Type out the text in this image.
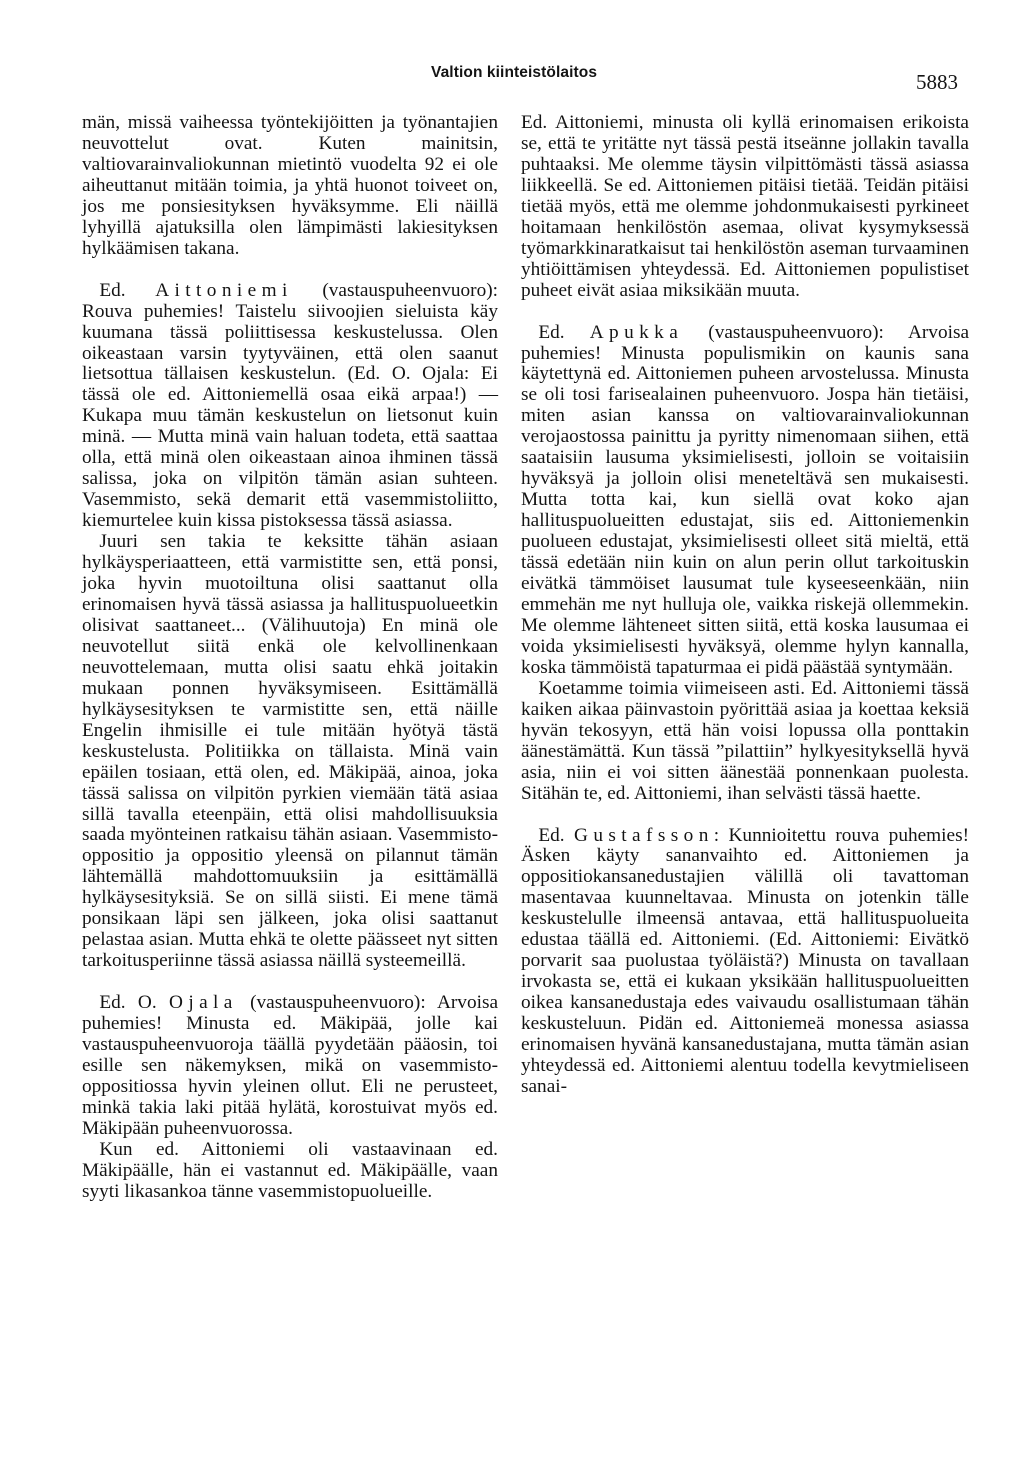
Valtion kiinteistölaitos	5883

män, missä vaiheessa työntekijöitten ja työnantajien neuvottelut ovat. Kuten mainitsin, valtiovarainvaliokunnan mietintö vuodelta 92 ei ole aiheuttanut mitään toimia, ja yhtä huonot toiveet on, jos me ponsiesityksen hyväksymme. Eli näillä lyhyillä ajatuksilla olen lämpimästi lakiesityksen hylkäämisen takana.

Ed. Aittoniemi (vastauspuheenvuoro): Rouva puhemies! Taistelu siivoojien sieluista käy kuumana tässä poliittisessa keskustelussa. Olen oikeastaan varsin tyytyväinen, että olen saanut lietsottua tällaisen keskustelun. (Ed. O. Ojala: Ei tässä ole ed. Aittoniemellä osaa eikä arpaa!) — Kukapa muu tämän keskustelun on lietsonut kuin minä. — Mutta minä vain haluan todeta, että saattaa olla, että minä olen oikeastaan ainoa ihminen tässä salissa, joka on vilpitön tämän asian suhteen. Vasemmisto, sekä demarit että vasemmistoliitto, kiemurtelee kuin kissa pistoksessa tässä asiassa.

Juuri sen takia te keksitte tähän asiaan hylkäysperiaatteen, että varmistitte sen, että ponsi, joka hyvin muotoiltuna olisi saattanut olla erinomaisen hyvä tässä asiassa ja hallituspuolueetkin olisivat saattaneet... (Välihuutoja) En minä ole neuvotellut siitä enkä ole kelvollinenkaan neuvottelemaan, mutta olisi saatu ehkä joitakin mukaan ponnen hyväksymiseen. Esittämällä hylkäysesityksen te varmistitte sen, että näille Engelin ihmisille ei tule mitään hyötyä tästä keskustelusta. Politiikka on tällaista. Minä vain epäilen tosiaan, että olen, ed. Mäkipää, ainoa, joka tässä salissa on vilpitön pyrkien viemään tätä asiaa sillä tavalla eteenpäin, että olisi mahdollisuuksia saada myönteinen ratkaisu tähän asiaan. Vasemmisto-oppositio ja oppositio yleensä on pilannut tämän lähtemällä mahdottomuuksiin ja esittämällä hylkäysesityksiä. Se on sillä siisti. Ei mene tämä ponsikaan läpi sen jälkeen, joka olisi saattanut pelastaa asian. Mutta ehkä te olette päässeet nyt sitten tarkoitusperiinne tässä asiassa näillä systeemeillä.

Ed. O. Ojala (vastauspuheenvuoro): Arvoisa puhemies! Minusta ed. Mäkipää, jolle kai vastauspuheenvuoroja täällä pyydetään pääosin, toi esille sen näkemyksen, mikä on vasemmisto-oppositiossa hyvin yleinen ollut. Eli ne perusteet, minkä takia laki pitää hylätä, korostuivat myös ed. Mäkipään puheenvuorossa.

Kun ed. Aittoniemi oli vastaavinaan ed. Mäkipäälle, hän ei vastannut ed. Mäkipäälle, vaan syyti likasankoa tänne vasemmistopuolueille.

Ed. Aittoniemi, minusta oli kyllä erinomaisen erikoista se, että te yritätte nyt tässä pestä itseänne jollakin tavalla puhtaaksi. Me olemme täysin vilpittömästi tässä asiassa liikkeellä. Se ed. Aittoniemen pitäisi tietää. Teidän pitäisi tietää myös, että me olemme johdonmukaisesti pyrkineet hoitamaan henkilöstön asemaa, olivat kysymyksessä työmarkkinaratkaisut tai henkilöstön aseman turvaaminen yhtiöittämisen yhteydessä. Ed. Aittoniemen populistiset puheet eivät asiaa miksikään muuta.

Ed. Apukka (vastauspuheenvuoro): Arvoisa puhemies! Minusta populismikin on kaunis sana käytettynä ed. Aittoniemen puheen arvostelussa. Minusta se oli tosi farisealainen puheenvuoro. Jospa hän tietäisi, miten asian kanssa on valtiovarainvaliokunnan verojaostossa painittu ja pyritty nimenomaan siihen, että saataisiin lausuma yksimielisesti, jolloin se voitaisiin hyväksyä ja jolloin olisi meneteltävä sen mukaisesti. Mutta totta kai, kun siellä ovat koko ajan hallituspuolueitten edustajat, siis ed. Aittoniemenkin puolueen edustajat, yksimielisesti olleet sitä mieltä, että tässä edetään niin kuin on alun perin ollut tarkoituskin eivätkä tämmöiset lausumat tule kyseeseenkään, niin emmehän me nyt hulluja ole, vaikka riskejä ollemmekin. Me olemme lähteneet sitten siitä, että koska lausumaa ei voida yksimielisesti hyväksyä, olemme hylyn kannalla, koska tämmöistä tapaturmaa ei pidä päästää syntymään.

Koetamme toimia viimeiseen asti. Ed. Aittoniemi tässä kaiken aikaa päinvastoin pyörittää asiaa ja koettaa keksiä hyvän tekosyyn, että hän voisi lopussa olla ponttakin äänestämättä. Kun tässä ”pilattiin” hylkyesityksellä hyvä asia, niin ei voi sitten äänestää ponnenkaan puolesta. Sitähän te, ed. Aittoniemi, ihan selvästi tässä haette.

Ed. Gustafsson: Kunnioitettu rouva puhemies! Äsken käyty sananvaihto ed. Aittoniemen ja oppositiokansanedustajien välillä oli tavattoman masentavaa kuunneltavaa. Minusta on jotenkin tälle keskustelulle ilmeensä antavaa, että hallituspuolueita edustaa täällä ed. Aittoniemi. (Ed. Aittoniemi: Eivätkö porvarit saa puolustaa työläistä?) Minusta on tavallaan irvokasta se, että ei kukaan yksikään hallituspuolueitten oikea kansanedustaja edes vaivaudu osallistumaan tähän keskusteluun. Pidän ed. Aittoniemeä monessa asiassa erinomaisen hyvänä kansanedustajana, mutta tämän asian yhteydessä ed. Aittoniemi alentuu todella kevytmieliseen sanai-
